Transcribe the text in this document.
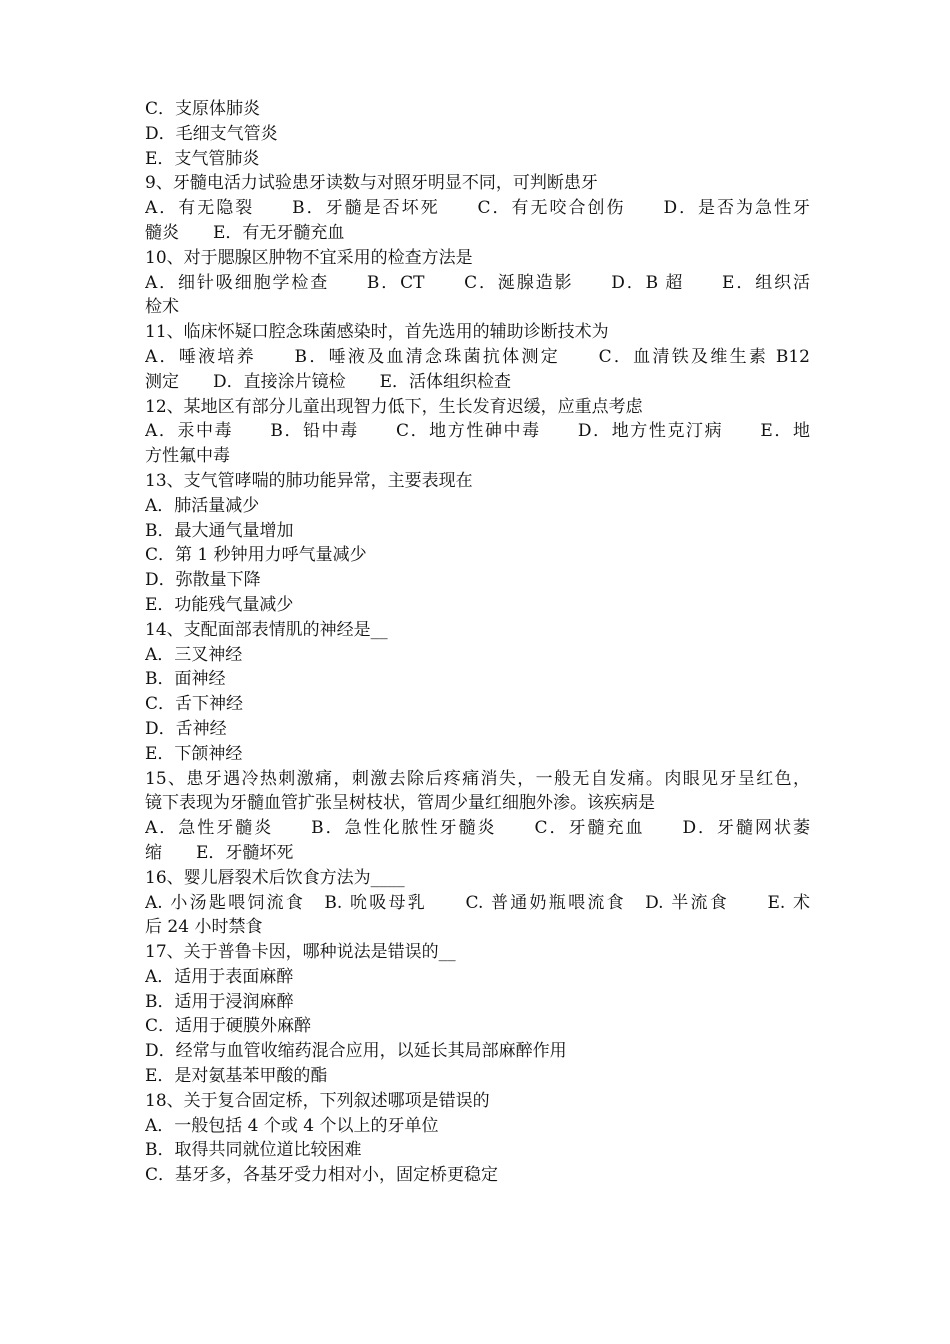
C．支原体肺炎
D．毛细支气管炎
E．支气管肺炎
9、牙髓电活力试验患牙读数与对照牙明显不同，可判断患牙
A．有无隐裂　　B．牙髓是否坏死　　C．有无咬合创伤　　D．是否为急性牙
髓炎　　E．有无牙髓充血
10、对于腮腺区肿物不宜采用的检查方法是
A．细针吸细胞学检查　　B．CT　　C．涎腺造影　　D．B 超　　E．组织活
检术
11、临床怀疑口腔念珠菌感染时，首先选用的辅助诊断技术为
A．唾液培养　　B．唾液及血清念珠菌抗体测定　　C．血清铁及维生素 B12
测定　　D．直接涂片镜检　　E．活体组织检查
12、某地区有部分儿童出现智力低下，生长发育迟缓，应重点考虑
A．汞中毒　　B．铅中毒　　C．地方性砷中毒　　D．地方性克汀病　　E．地
方性氟中毒
13、支气管哮喘的肺功能异常，主要表现在
A．肺活量减少
B．最大通气量增加
C．第 1 秒钟用力呼气量减少
D．弥散量下降
E．功能残气量减少
14、支配面部表情肌的神经是__
A．三叉神经
B．面神经
C．舌下神经
D．舌神经
E．下颌神经
15、患牙遇冷热刺激痛，刺激去除后疼痛消失，一般无自发痛。肉眼见牙呈红色，
镜下表现为牙髓血管扩张呈树枝状，管周少量红细胞外渗。该疾病是
A．急性牙髓炎　　B．急性化脓性牙髓炎　　C．牙髓充血　　D．牙髓网状萎
缩　　E．牙髓坏死
16、婴儿唇裂术后饮食方法为____
A. 小汤匙喂饲流食　B. 吮吸母乳　　C. 普通奶瓶喂流食　D. 半流食　　E. 术
后 24 小时禁食
17、关于普鲁卡因，哪种说法是错误的__
A．适用于表面麻醉
B．适用于浸润麻醉
C．适用于硬膜外麻醉
D．经常与血管收缩药混合应用，以延长其局部麻醉作用
E．是对氨基苯甲酸的酯
18、关于复合固定桥，下列叙述哪项是错误的
A．一般包括 4 个或 4 个以上的牙单位
B．取得共同就位道比较困难
C．基牙多，各基牙受力相对小，固定桥更稳定
